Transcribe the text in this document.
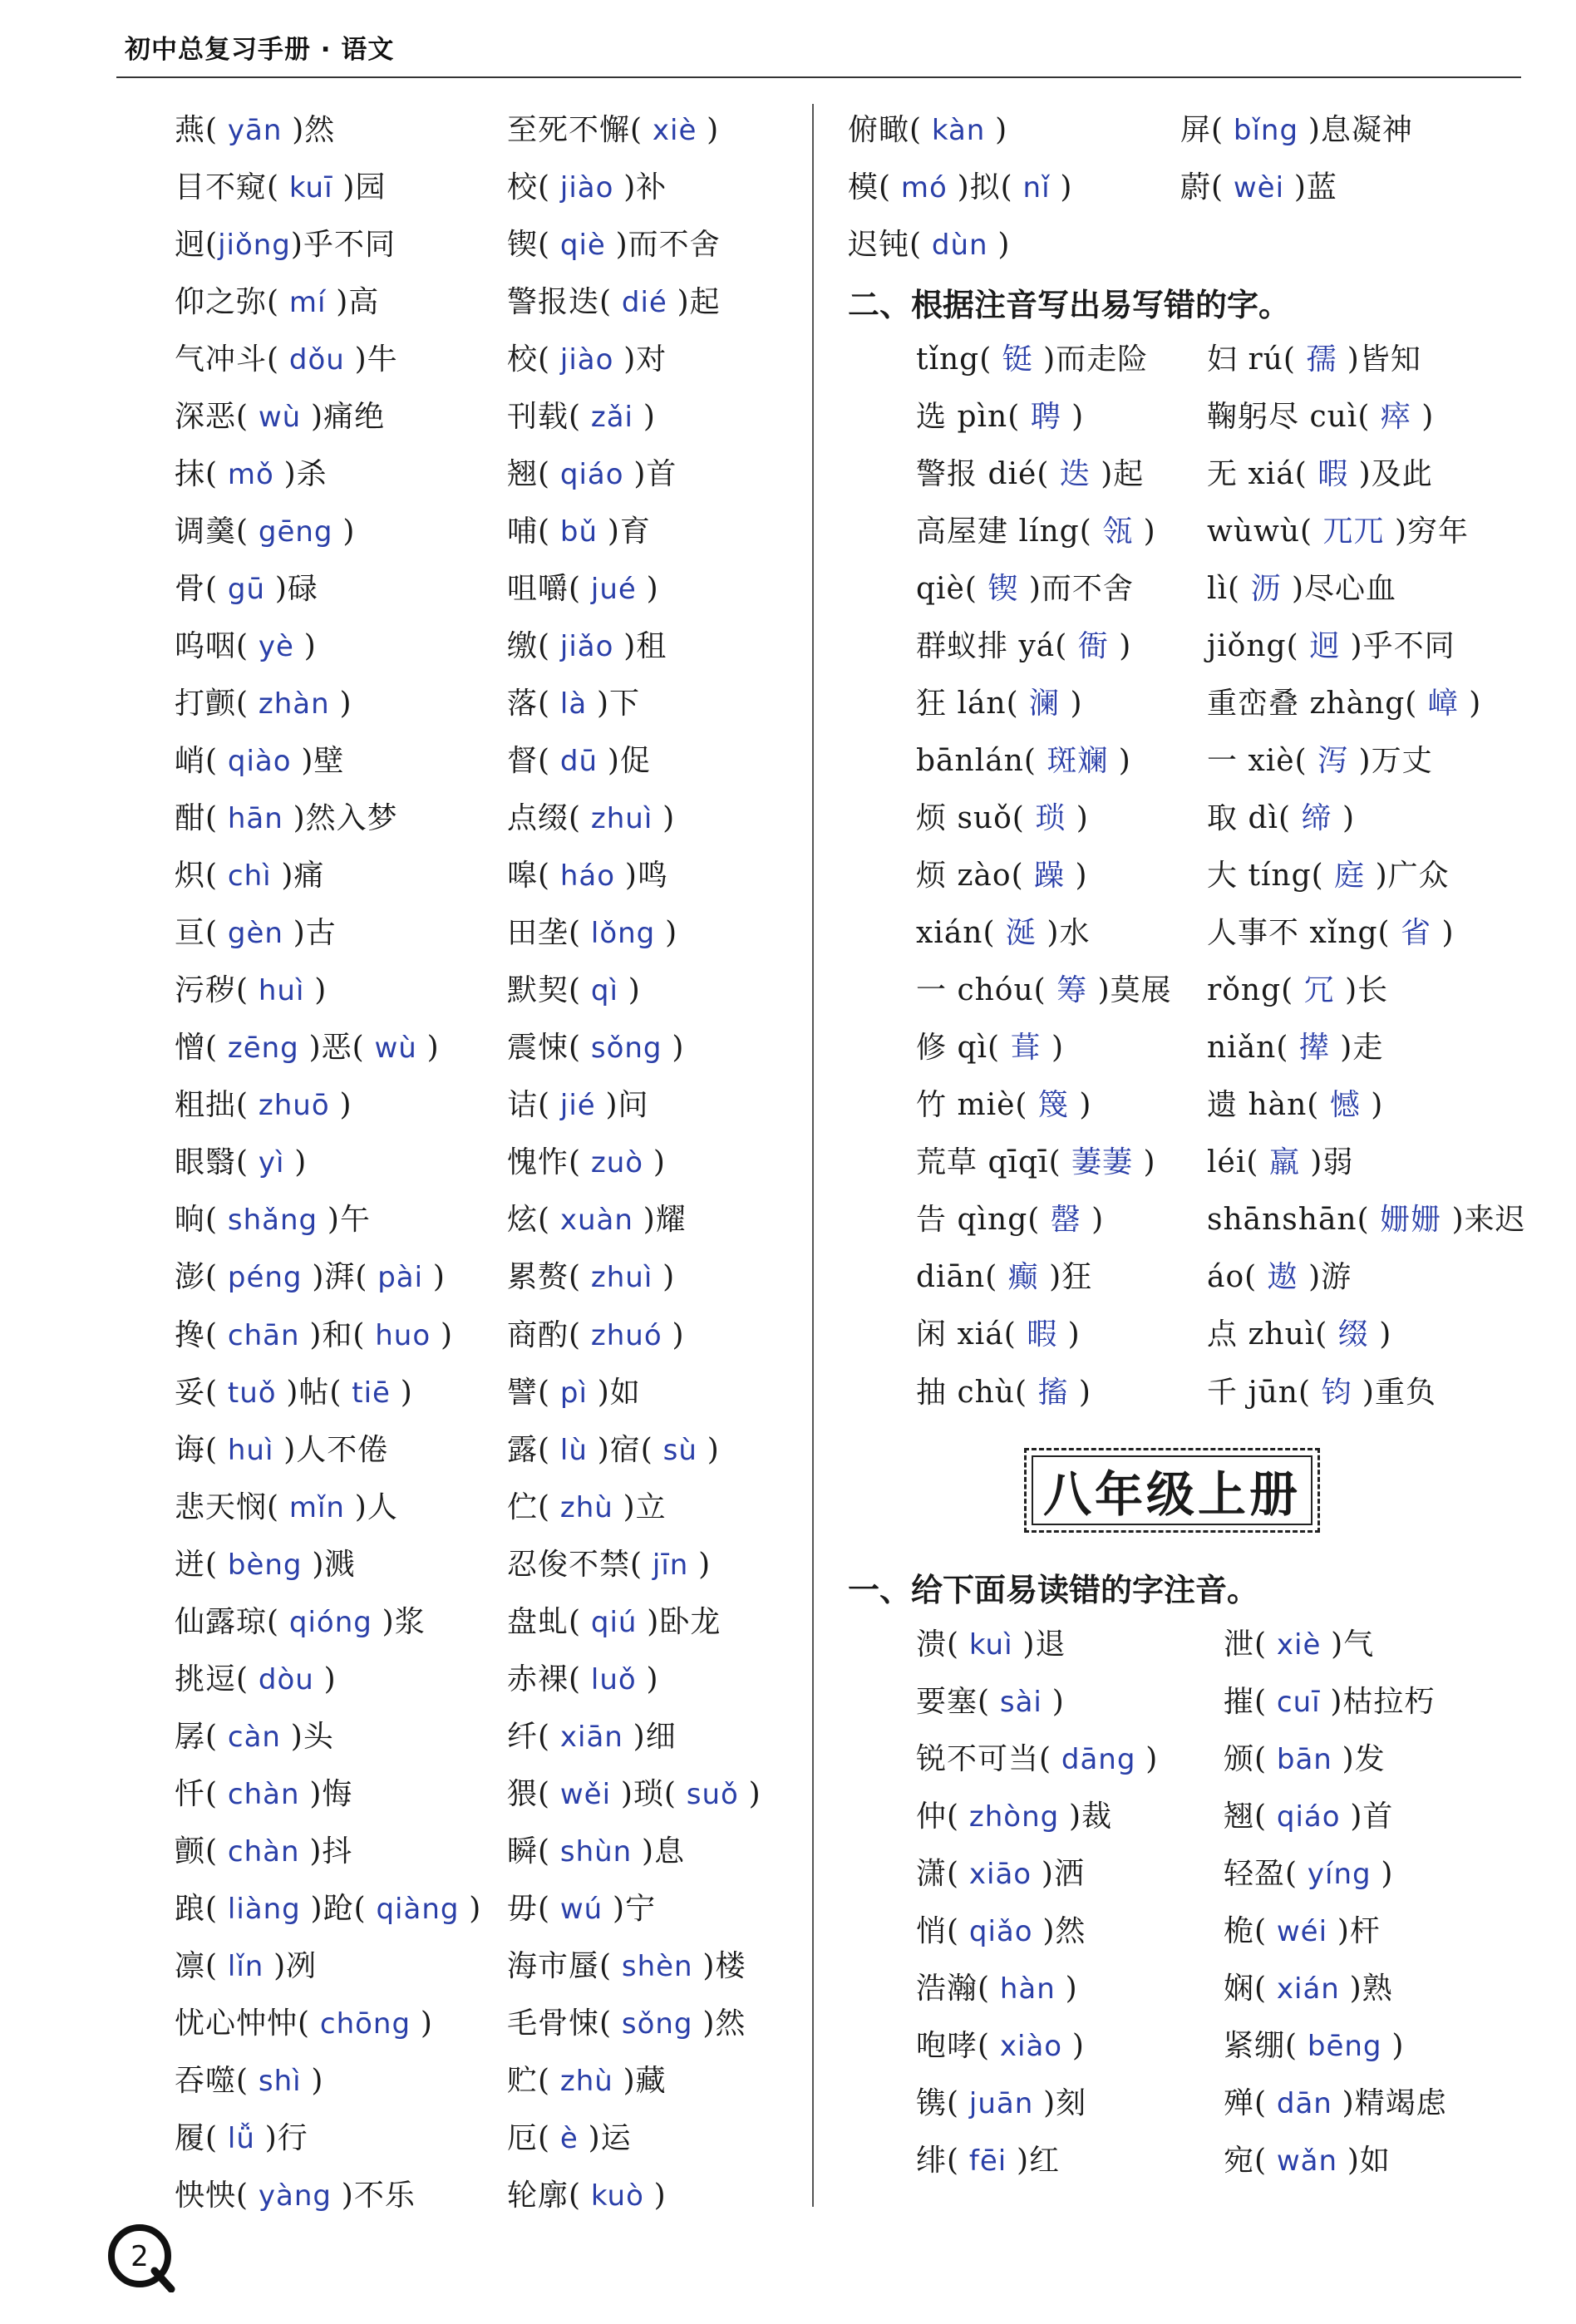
初中总复习手册 · 语文
燕( yān )然	至死不懈( xiè )
目不窥( kuī )园	校( jiào )补
迥(jiǒng)乎不同	锲( qiè )而不舍
仰之弥( mí )高	警报迭( dié )起
气冲斗( dǒu )牛	校( jiào )对
深恶( wù )痛绝	刊载( zǎi )
抹( mǒ )杀	翘( qiáo )首
调羹( gēng )	哺( bǔ )育
骨( gū )碌	咀嚼( jué )
呜咽( yè )	缴( jiǎo )租
打颤( zhàn )	落( là )下
峭( qiào )壁	督( dū )促
酣( hān )然入梦	点缀( zhuì )
炽( chì )痛	嗥( háo )鸣
亘( gèn )古	田垄( lǒng )
污秽( huì )	默契( qì )
憎( zēng )恶( wù )	震悚( sǒng )
粗拙( zhuō )	诘( jié )问
眼翳( yì )	愧怍( zuò )
晌( shǎng )午	炫( xuàn )耀
澎( péng )湃( pài )	累赘( zhuì )
搀( chān )和( huo )	商酌( zhuó )
妥( tuǒ )帖( tiē )	譬( pì )如
诲( huì )人不倦	露( lù )宿( sù )
悲天悯( mǐn )人	伫( zhù )立
迸( bèng )溅	忍俊不禁( jīn )
仙露琼( qióng )浆	盘虬( qiú )卧龙
挑逗( dòu )	赤裸( luǒ )
孱( càn )头	纤( xiān )细
忏( chàn )悔	猥( wěi )琐( suǒ )
颤( chàn )抖	瞬( shùn )息
踉( liàng )跄( qiàng ) 毋( wú )宁
凛( lǐn )冽	海市蜃( shèn )楼
忧心忡忡( chōng )	毛骨悚( sǒng )然
吞噬( shì )	贮( zhù )藏
履( lǚ )行	厄( è )运
怏怏( yàng )不乐	轮廓( kuò )
俯瞰( kàn )	屏( bǐng )息凝神
模( mó )拟( nǐ )	蔚( wèi )蓝
迟钝( dùn )
二、根据注音写出易写错的字。
tǐng( 铤 )而走险	妇 rú( 孺 )皆知
选 pìn( 聘 )	鞠躬尽 cuì( 瘁 )
警报 dié( 迭 )起	无 xiá( 暇 )及此
高屋建 líng( 瓴 )	wùwù( 兀兀 )穷年
qiè( 锲 )而不舍	lì( 沥 )尽心血
群蚁排 yá( 衙 )	jiǒng( 迥 )乎不同
狂 lán( 澜 )	重峦叠 zhàng( 嶂 )
bānlán( 斑斓 )	一 xiè( 泻 )万丈
烦 suǒ( 琐 )	取 dì( 缔 )
烦 zào( 躁 )	大 tíng( 庭 )广众
xián( 涎 )水	人事不 xǐng( 省 )
一 chóu( 筹 )莫展	rǒng( 冗 )长
修 qì( 葺 )	niǎn( 撵 )走
竹 miè( 篾 )	遗 hàn( 憾 )
荒草 qīqī( 萋萋 )	léi( 羸 )弱
告 qìng( 罄 )	shānshān( 姗姗 )来迟
diān( 癫 )狂	áo( 遨 )游
闲 xiá( 暇 )	点 zhuì( 缀 )
抽 chù( 搐 )	千 jūn( 钧 )重负
八年级上册
一、给下面易读错的字注音。
溃( kuì )退	泄( xiè )气
要塞( sài )	摧( cuī )枯拉朽
锐不可当( dāng )	颁( bān )发
仲( zhòng )裁	翘( qiáo )首
潇( xiāo )洒	轻盈( yíng )
悄( qiǎo )然	桅( wéi )杆
浩瀚( hàn )	娴( xián )熟
咆哮( xiào )	紧绷( bēng )
镌( juān )刻	殚( dān )精竭虑
绯( fēi )红	宛( wǎn )如
2
